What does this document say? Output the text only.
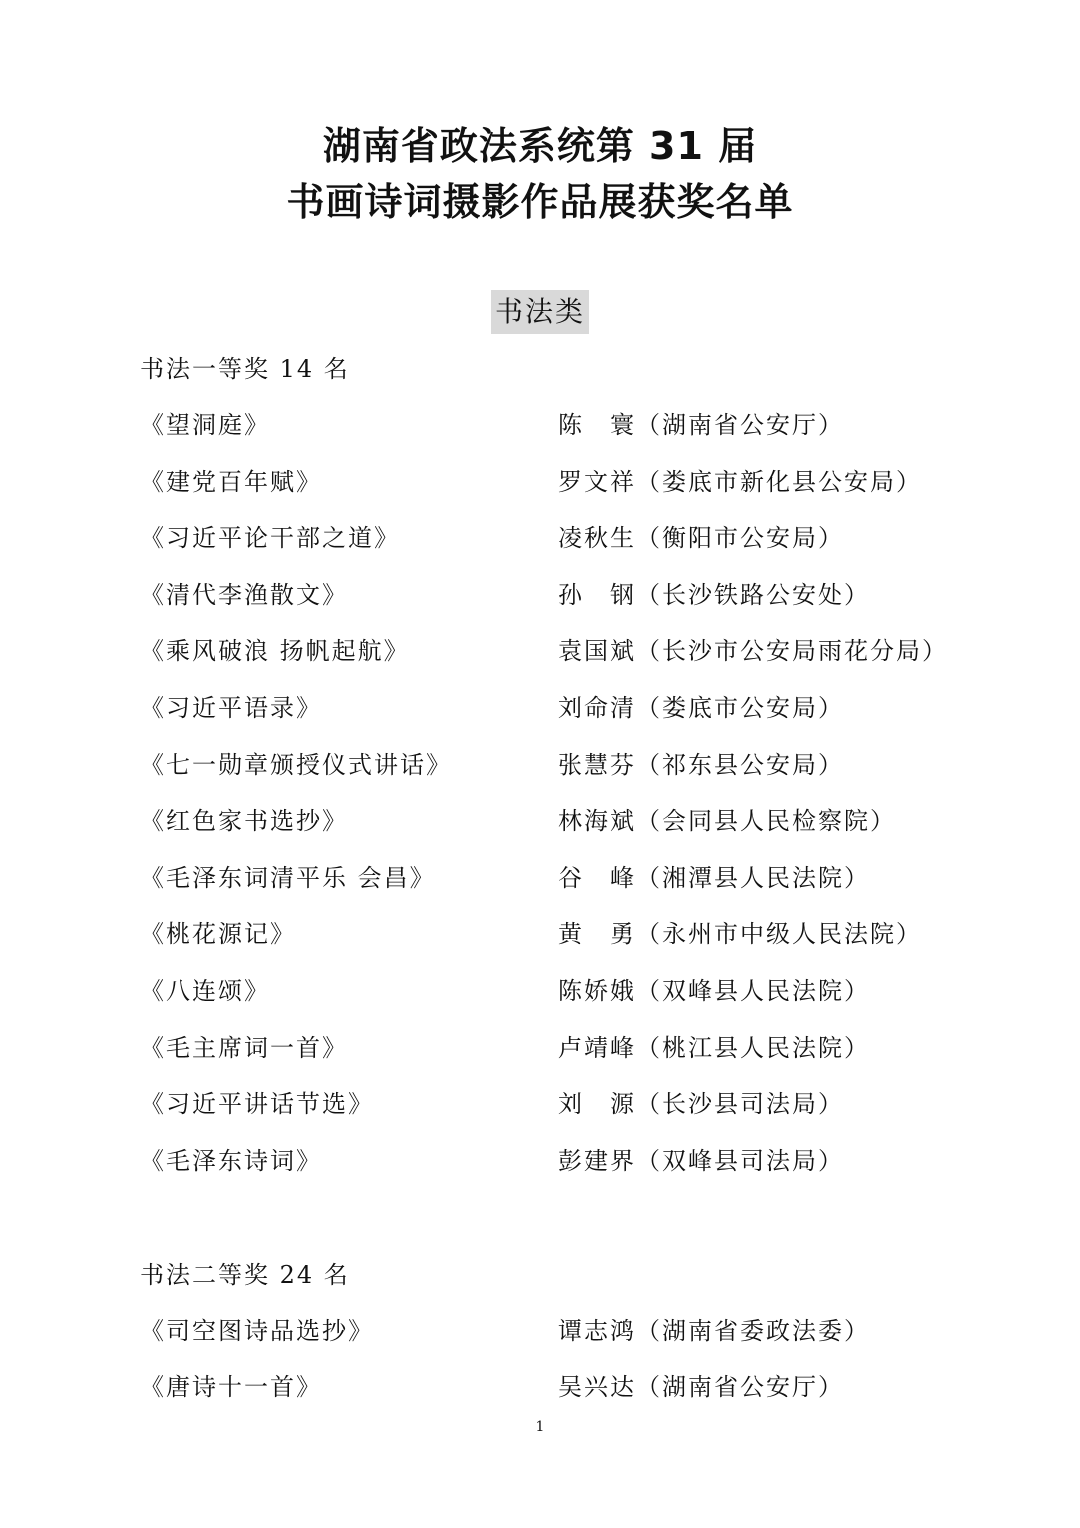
湖南省政法系统第 31 届
书画诗词摄影作品展获奖名单
书法类
书法一等奖 14 名
《望洞庭》	陈　寰（湖南省公安厅）
《建党百年赋》	罗文祥（娄底市新化县公安局）
《习近平论干部之道》	凌秋生（衡阳市公安局）
《清代李渔散文》	孙　钢（长沙铁路公安处）
《乘风破浪 扬帆起航》	袁国斌（长沙市公安局雨花分局）
《习近平语录》	刘命清（娄底市公安局）
《七一勋章颁授仪式讲话》	张慧芬（祁东县公安局）
《红色家书选抄》	林海斌（会同县人民检察院）
《毛泽东词清平乐 会昌》	谷　峰（湘潭县人民法院）
《桃花源记》	黄　勇（永州市中级人民法院）
《八连颂》	陈娇娥（双峰县人民法院）
《毛主席词一首》	卢靖峰（桃江县人民法院）
《习近平讲话节选》	刘　源（长沙县司法局）
《毛泽东诗词》	彭建界（双峰县司法局）
书法二等奖 24 名
《司空图诗品选抄》	谭志鸿（湖南省委政法委）
《唐诗十一首》	吴兴达（湖南省公安厅）
1
